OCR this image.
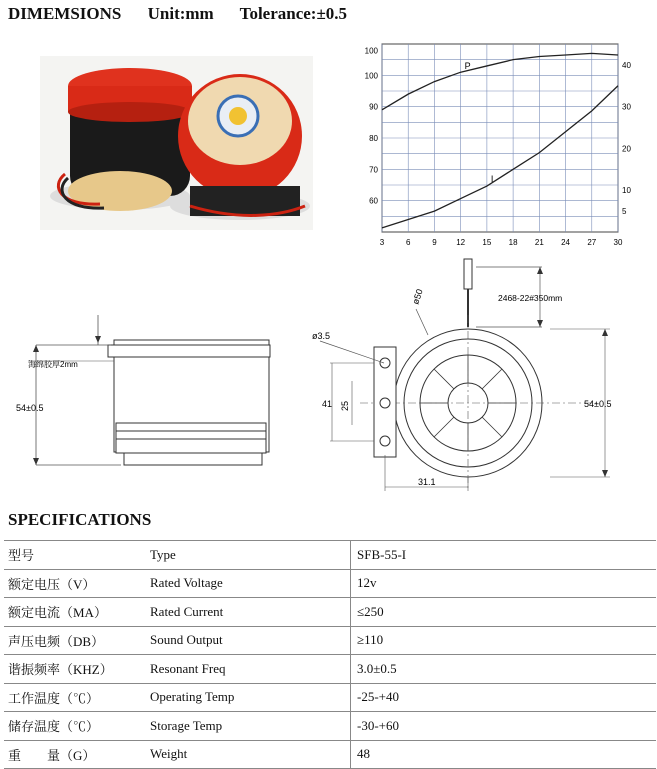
DIMEMSIONS Unit:mm Tolerance:±0.5
3	6	9 12 15 18 21 24 27 30
60
70
80
90
100
100
5
10
20
30
40
P
I
海绵胶厚2mm
54±0.5
2468-22#350mm
ø3.5
ø50
41 25
31.1
54±0.5
SPECIFICATIONS
型号	Type	SFB-55-I
额定电压（V）	Rated Voltage	12v
额定电流（MA）	Rated Current	≤250
声压电频（DB）	Sound Output	≥110
谐振频率（KHZ）	Resonant Freq	3.0±0.5
工作温度（℃）	Operating Temp	-25-+40
储存温度（℃）	Storage Temp	-30-+60
重　　量（G）	Weight	48
